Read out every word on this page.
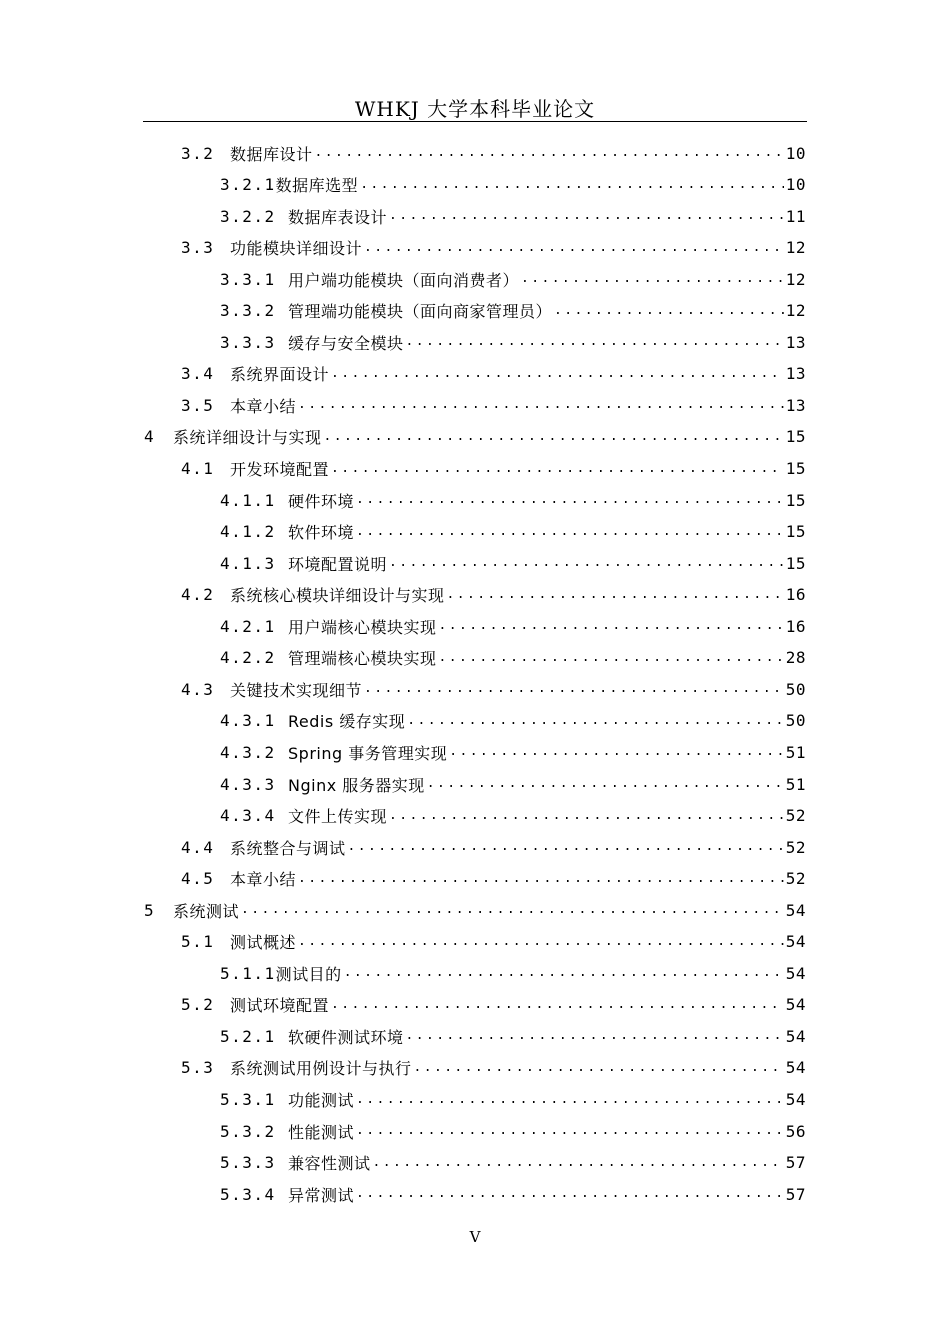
WHKJ 大学本科毕业论文
3.2 数据库设计 .....	10
3.2.1 数据库选型 .....	10
3.2.2 数据库表设计 .....	11
3.3 功能模块详细设计 .....	12
3.3.1 用户端功能模块（面向消费者） .....	12
3.3.2 管理端功能模块（面向商家管理员） .....	12
3.3.3 缓存与安全模块 .....	13
3.4 系统界面设计 .....	13
3.5 本章小结 .....	13
4	系统详细设计与实现 .....	15
4.1 开发环境配置 .....	15
4.1.1 硬件环境 .....	15
4.1.2 软件环境 .....	15
4.1.3 环境配置说明 .....	15
4.2 系统核心模块详细设计与实现 .....	16
4.2.1 用户端核心模块实现 .....	16
4.2.2 管理端核心模块实现 .....	28
4.3 关键技术实现细节 .....	50
4.3.1 Redis 缓存实现 .....	50
4.3.2 Spring 事务管理实现 .....	51
4.3.3 Nginx 服务器实现 .....	51
4.3.4 文件上传实现 .....	52
4.4 系统整合与调试 .....	52
4.5 本章小结 .....	52
5	系统测试 .....	54
5.1 测试概述 .....	54
5.1.1 测试目的 .....	54
5.2 测试环境配置 .....	54
5.2.1 软硬件测试环境 .....	54
5.3 系统测试用例设计与执行 .....	54
5.3.1 功能测试 .....	54
5.3.2 性能测试 .....	56
5.3.3 兼容性测试 .....	57
5.3.4 异常测试 .....	57
V
